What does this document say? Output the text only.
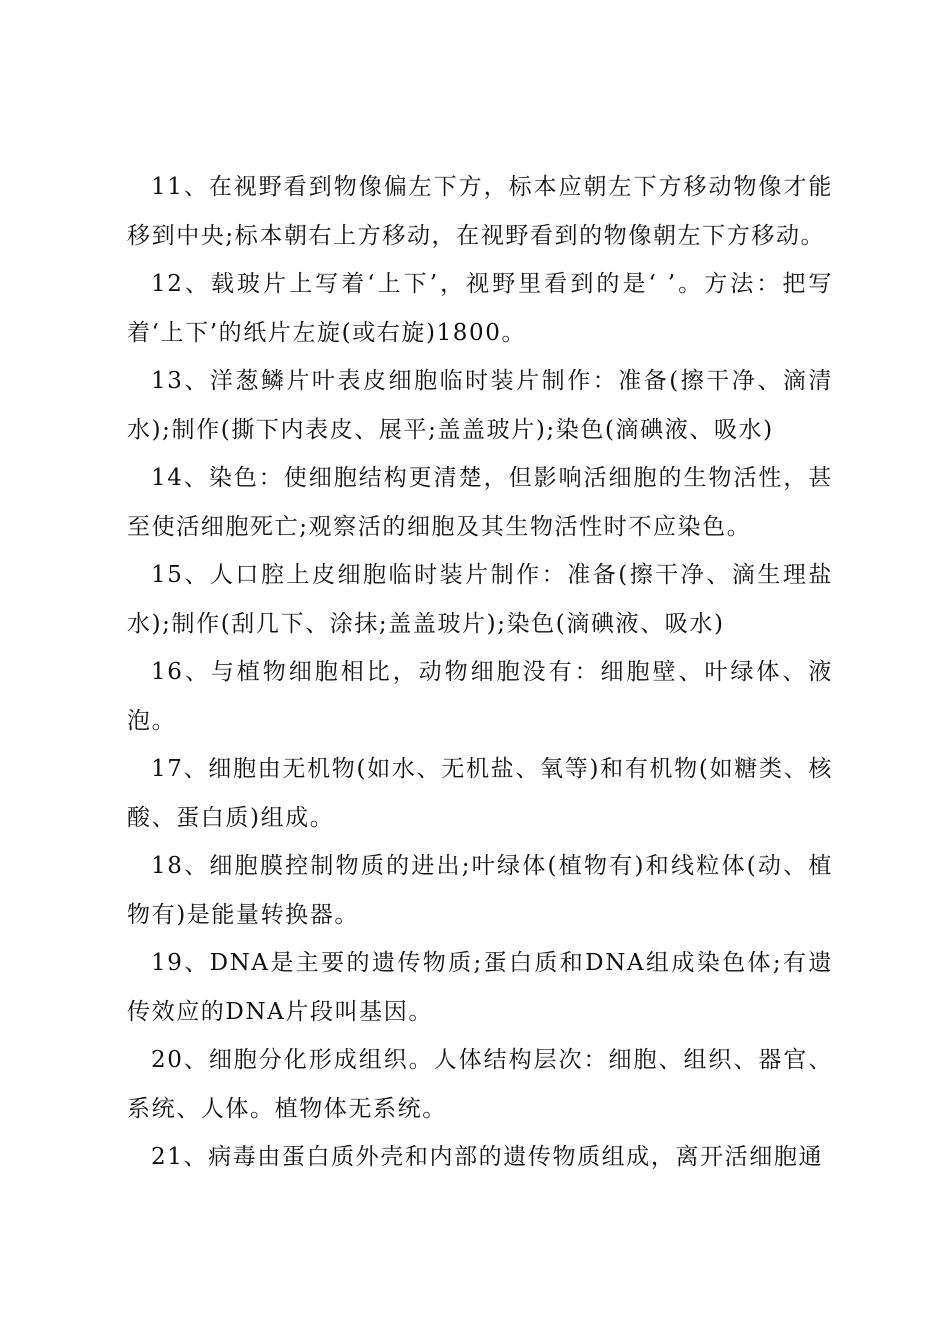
11、在视野看到物像偏左下方，标本应朝左下方移动物像才能移到中央;标本朝右上方移动，在视野看到的物像朝左下方移动。

12、载玻片上写着‘上下’，视野里看到的是‘ ’。方法：把写着‘上下’的纸片左旋(或右旋)1800。

13、洋葱鳞片叶表皮细胞临时装片制作：准备(擦干净、滴清水);制作(撕下内表皮、展平;盖盖玻片);染色(滴碘液、吸水)

14、染色：使细胞结构更清楚，但影响活细胞的生物活性，甚至使活细胞死亡;观察活的细胞及其生物活性时不应染色。

15、人口腔上皮细胞临时装片制作：准备(擦干净、滴生理盐水);制作(刮几下、涂抹;盖盖玻片);染色(滴碘液、吸水)

16、与植物细胞相比，动物细胞没有：细胞壁、叶绿体、液泡。

17、细胞由无机物(如水、无机盐、氧等)和有机物(如糖类、核酸、蛋白质)组成。

18、细胞膜控制物质的进出;叶绿体(植物有)和线粒体(动、植物有)是能量转换器。

19、DNA是主要的遗传物质;蛋白质和DNA组成染色体;有遗传效应的DNA片段叫基因。

20、细胞分化形成组织。人体结构层次：细胞、组织、器官、系统、人体。植物体无系统。

21、病毒由蛋白质外壳和内部的遗传物质组成，离开活细胞通
